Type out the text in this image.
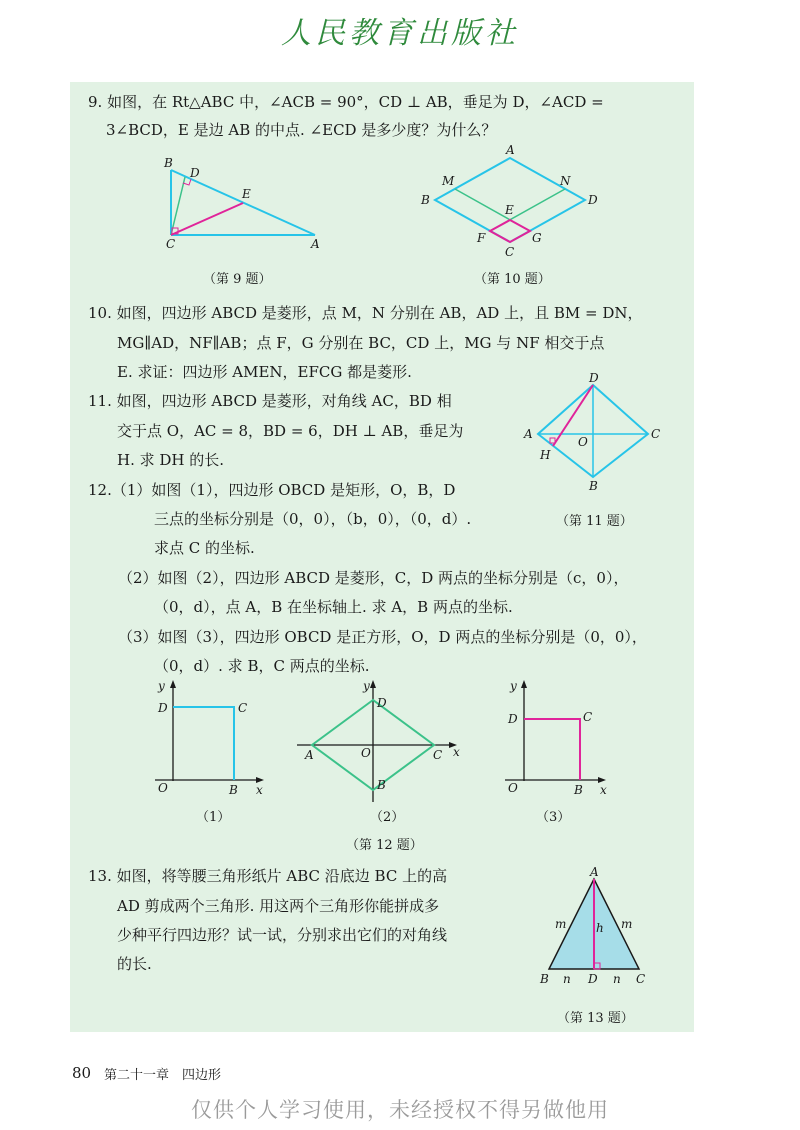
人民教育出版社
9. 如图，在 Rt△ABC 中，∠ACB = 90°，CD ⊥ AB，垂足为 D，∠ACD =
3∠BCD，E 是边 AB 的中点. ∠ECD 是多少度？为什么？
B
D
E
C	A
（第 9 题）
A
M	N
B	D
E
F	G
C
（第 10 题）
10. 如图，四边形 ABCD 是菱形，点 M，N 分别在 AB，AD 上，且 BM = DN，
MG∥AD，NF∥AB；点 F，G 分别在 BC，CD 上，MG 与 NF 相交于点
E. 求证：四边形 AMEN，EFCG 都是菱形.
11. 如图，四边形 ABCD 是菱形，对角线 AC，BD 相
交于点 O，AC = 8，BD = 6，DH ⊥ AB，垂足为
H. 求 DH 的长.
D
A
O
C
H
B
（第 11 题）
12.（1）如图（1），四边形 OBCD 是矩形，O，B，D
三点的坐标分别是（0，0），（b，0），（0，d）.
求点 C 的坐标.
（2）如图（2），四边形 ABCD 是菱形，C，D 两点的坐标分别是（c，0），
（0，d），点 A，B 在坐标轴上. 求 A，B 两点的坐标.
（3）如图（3），四边形 OBCD 是正方形，O，D 两点的坐标分别是（0，0），
（0，d）. 求 B，C 两点的坐标.
y
D	C
O	B x
（1）
y
D
A	O	C x
B
（2）
y
D	C
O	B x
（3）
（第 12 题）
13. 如图，将等腰三角形纸片 ABC 沿底边 BC 上的高
AD 剪成两个三角形. 用这两个三角形你能拼成多
少种平行四边形？试一试，分别求出它们的对角线
的长.
A
m	m
h
B n D n C
（第 13 题）
80 第二十一章　四边形
仅供个人学习使用，未经授权不得另做他用
